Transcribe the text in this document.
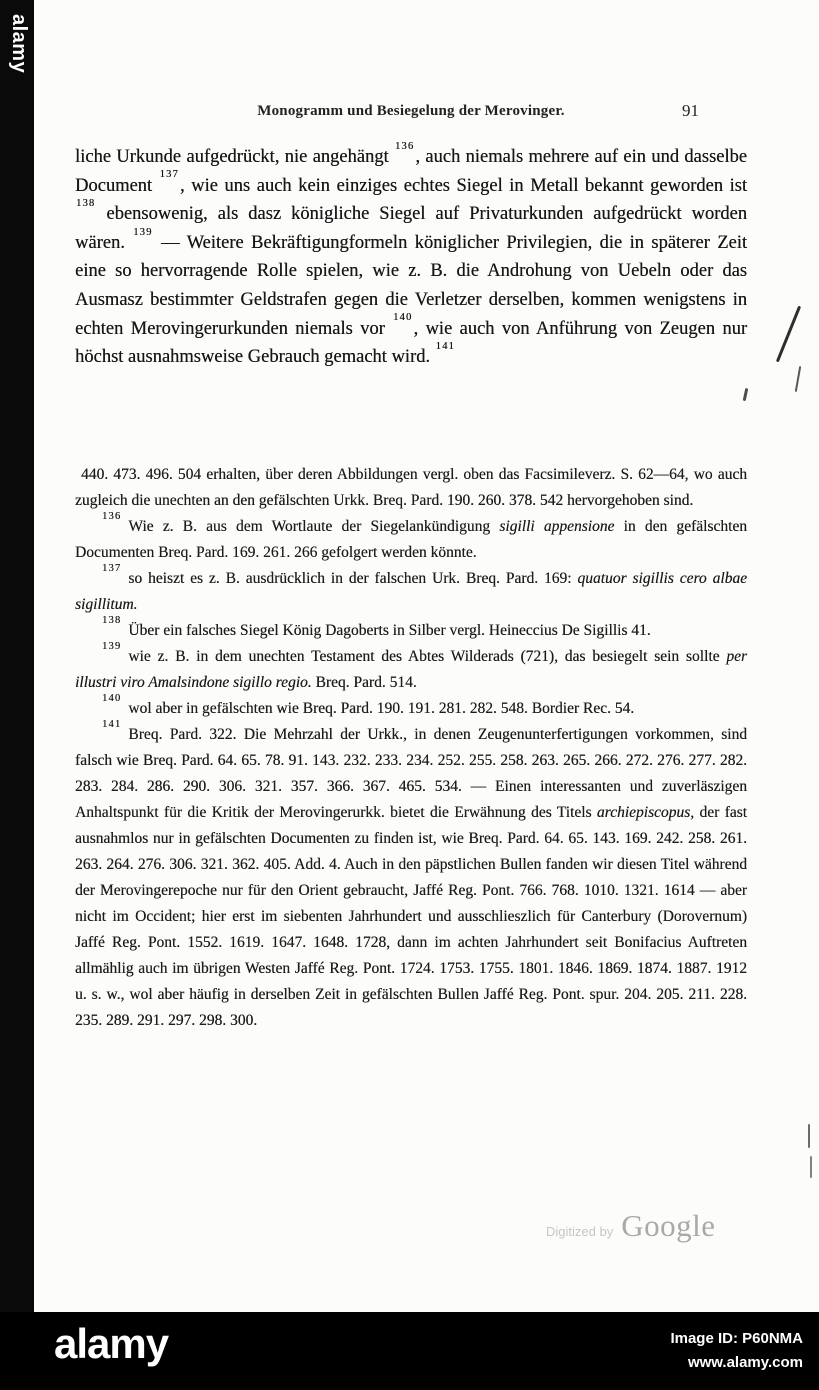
alamy
Monogramm und Besiegelung der Merovinger.	91

liche Urkunde aufgedrückt, nie angehängt $^{136}$, auch niemals mehrere auf ein und dasselbe Document $^{137}$, wie uns auch kein einziges echtes Siegel in Metall bekannt geworden ist $^{138}$ ebensowenig, als dasz königliche Siegel auf Privaturkunden aufgedrückt worden wären. $^{139}$ — Weitere Bekräftigungformeln königlicher Privilegien, die in späterer Zeit eine so hervorragende Rolle spielen, wie z. B. die Androhung von Uebeln oder das Ausmasz bestimmter Geldstrafen gegen die Verletzer derselben, kommen wenigstens in echten Merovingerurkunden niemals vor $^{140}$, wie auch von Anführung von Zeugen nur höchst ausnahmsweise Gebrauch gemacht wird. $^{141}$

440. 473. 496. 504 erhalten, über deren Abbildungen vergl. oben das Facsimileverz. S. 62—64, wo auch zugleich die unechten an den gefälschten Urkk. Breq. Pard. 190. 260. 378. 542 hervorgehoben sind.

$^{136}$Wie z. B. aus dem Wortlaute der Siegelankündigung sigilli appensione in den gefälschten Documenten Breq. Pard. 169. 261. 266 gefolgert werden könnte.

$^{137}$so heiszt es z. B. ausdrücklich in der falschen Urk. Breq. Pard. 169: quatuor sigillis cero albae sigillitum.

$^{138}$Über ein falsches Siegel König Dagoberts in Silber vergl. Heineccius De Sigillis 41.

$^{139}$wie z. B. in dem unechten Testament des Abtes Wilderads (721), das besiegelt sein sollte per illustri viro Amalsindone sigillo regio. Breq. Pard. 514.

$^{140}$wol aber in gefälschten wie Breq. Pard. 190. 191. 281. 282. 548. Bordier Rec. 54.

$^{141}$Breq. Pard. 322. Die Mehrzahl der Urkk., in denen Zeugenunterfertigungen vorkommen, sind falsch wie Breq. Pard. 64. 65. 78. 91. 143. 232. 233. 234. 252. 255. 258. 263. 265. 266. 272. 276. 277. 282. 283. 284. 286. 290. 306. 321. 357. 366. 367. 465. 534. — Einen interessanten und zuverläszigen Anhaltspunkt für die Kritik der Merovingerurkk. bietet die Erwähnung des Titels archiepiscopus, der fast ausnahmlos nur in gefälschten Documenten zu finden ist, wie Breq. Pard. 64. 65. 143. 169. 242. 258. 261. 263. 264. 276. 306. 321. 362. 405. Add. 4. Auch in den päpstlichen Bullen fanden wir diesen Titel während der Merovingerepoche nur für den Orient gebraucht, Jaffé Reg. Pont. 766. 768. 1010. 1321. 1614 — aber nicht im Occident; hier erst im siebenten Jahrhundert und ausschlieszlich für Canterbury (Dorovernum) Jaffé Reg. Pont. 1552. 1619. 1647. 1648. 1728, dann im achten Jahrhundert seit Bonifacius Auftreten allmählig auch im übrigen Westen Jaffé Reg. Pont. 1724. 1753. 1755. 1801. 1846. 1869. 1874. 1887. 1912 u. s. w., wol aber häufig in derselben Zeit in gefälschten Bullen Jaffé Reg. Pont. spur. 204. 205. 211. 228. 235. 289. 291. 297. 298. 300.

Digitized by Google
alamy	Image ID: P60NMA
www.alamy.com
